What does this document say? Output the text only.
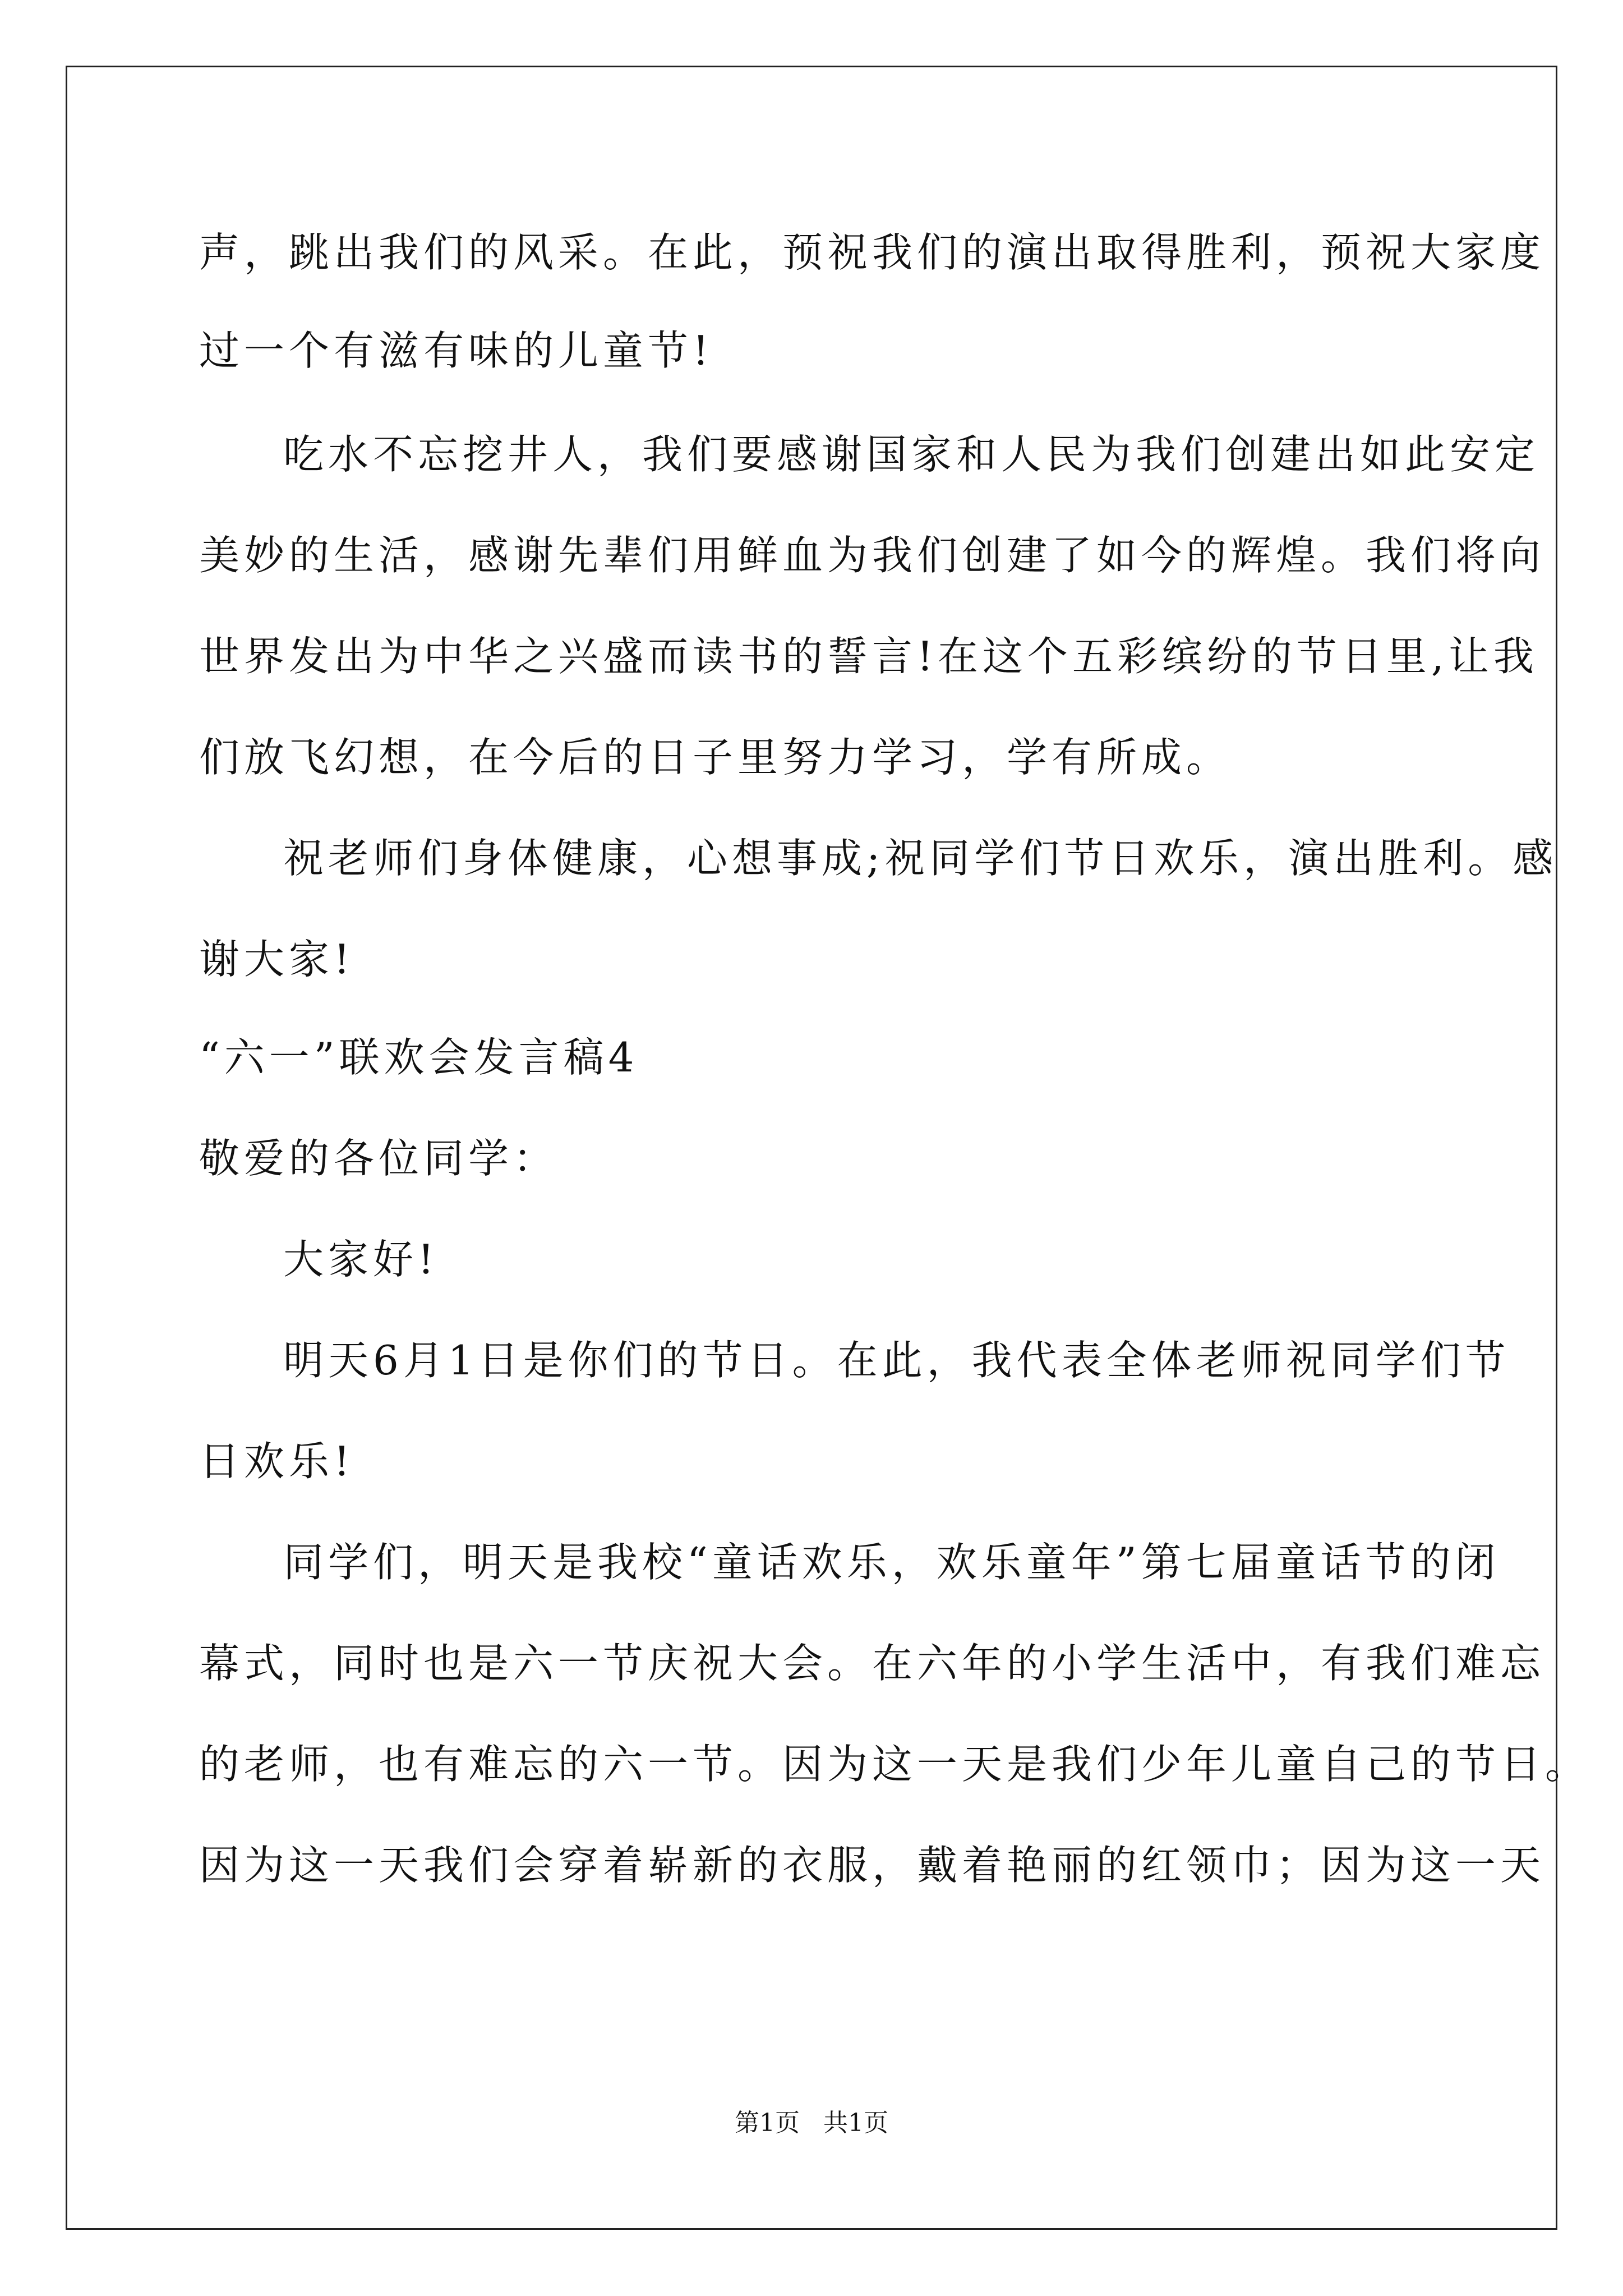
声，跳出我们的风采。在此，预祝我们的演出取得胜利，预祝大家度
过一个有滋有味的儿童节!
吃水不忘挖井人，我们要感谢国家和人民为我们创建出如此安定
美妙的生活，感谢先辈们用鲜血为我们创建了如今的辉煌。我们将向
世界发出为中华之兴盛而读书的誓言!在这个五彩缤纷的节日里,让我
们放飞幻想，在今后的日子里努力学习，学有所成。
祝老师们身体健康，心想事成;祝同学们节日欢乐，演出胜利。感
谢大家!
“六一”联欢会发言稿4
敬爱的各位同学：
大家好!
明天6月1日是你们的节日。在此，我代表全体老师祝同学们节
日欢乐!
同学们，明天是我校“童话欢乐，欢乐童年”第七届童话节的闭
幕式，同时也是六一节庆祝大会。在六年的小学生活中，有我们难忘
的老师，也有难忘的六一节。因为这一天是我们少年儿童自己的节日。
因为这一天我们会穿着崭新的衣服，戴着艳丽的红领巾；因为这一天
第1页   共1页
